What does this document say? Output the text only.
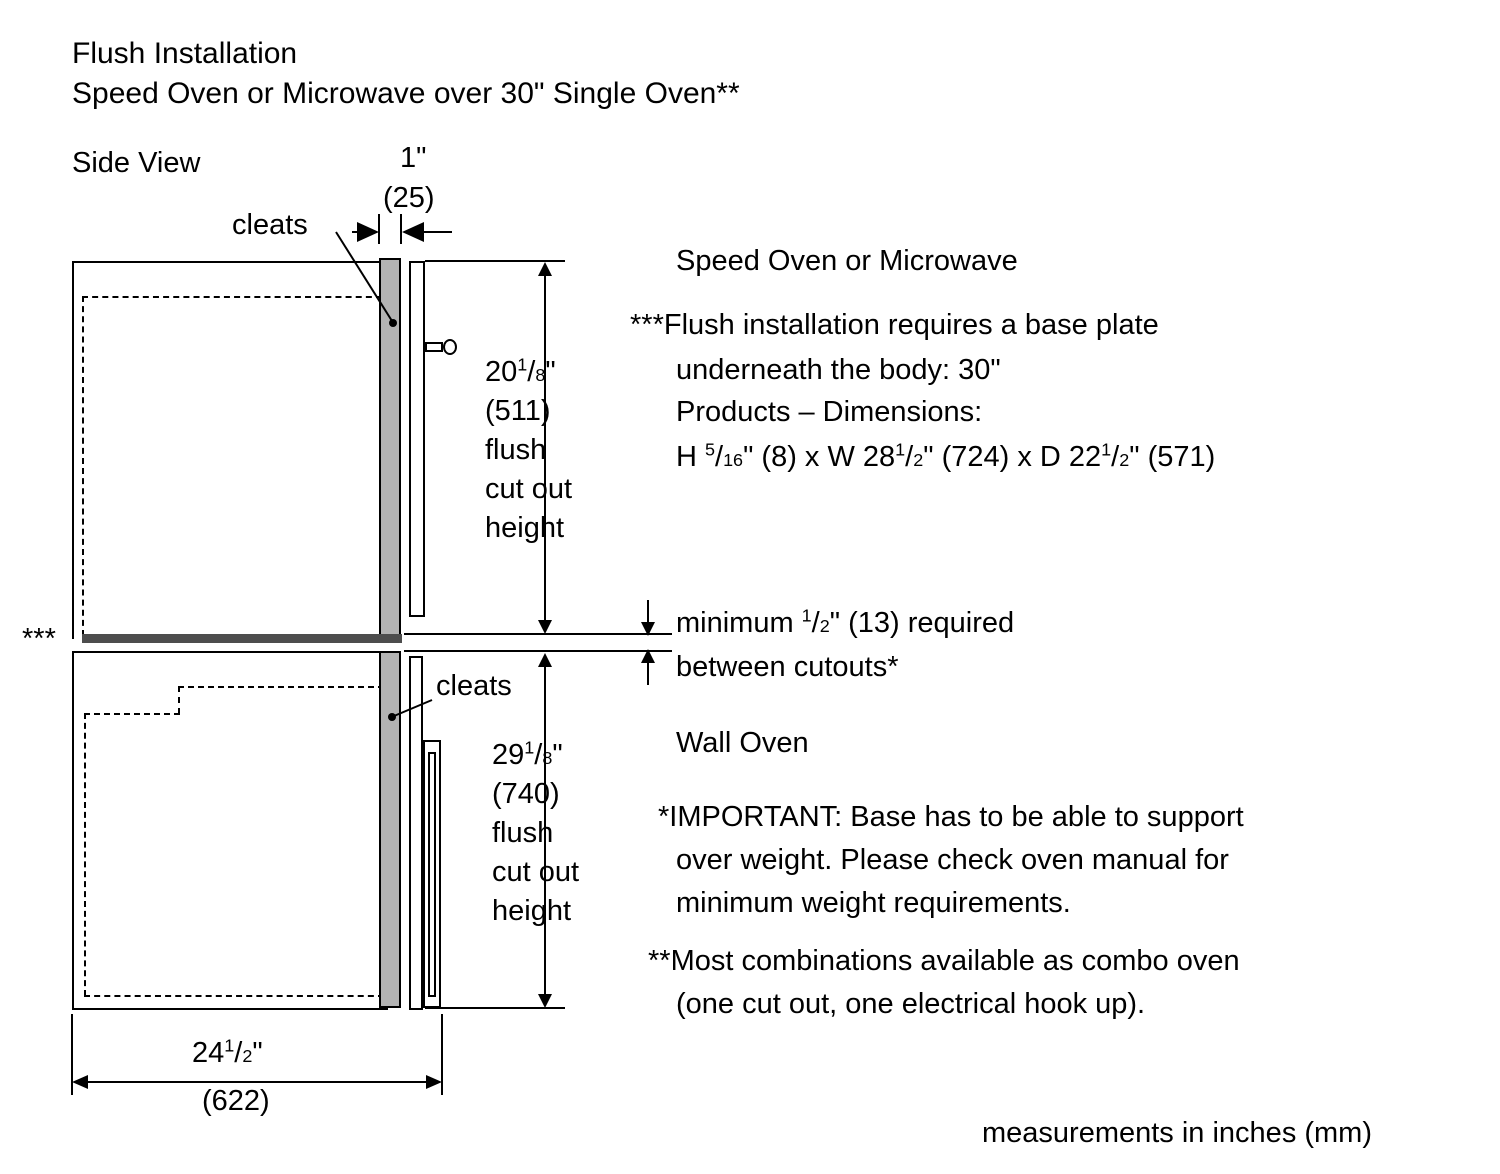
Flush Installation
Speed Oven or Microwave over 30" Single Oven**
Side View
***
cleats
cleats
1"
(25)
$20^1/8$"
(511)
flush
cut out
height
$29^1/8$"
(740)
flush
cut out
height
$24^1/2$"
(622)
Speed Oven or Microwave
***Flush installation requires a base plate
underneath the body: 30"
Products – Dimensions:
H $^5$/16" (8) x W $28^1/2$" (724) x D $22^1/2$" (571)
minimum $^1$/2" (13) required
between cutouts*
Wall Oven
*IMPORTANT: Base has to be able to support
over weight. Please check oven manual for
minimum weight requirements.
**Most combinations available as combo oven
(one cut out, one electrical hook up).
measurements in inches (mm)
